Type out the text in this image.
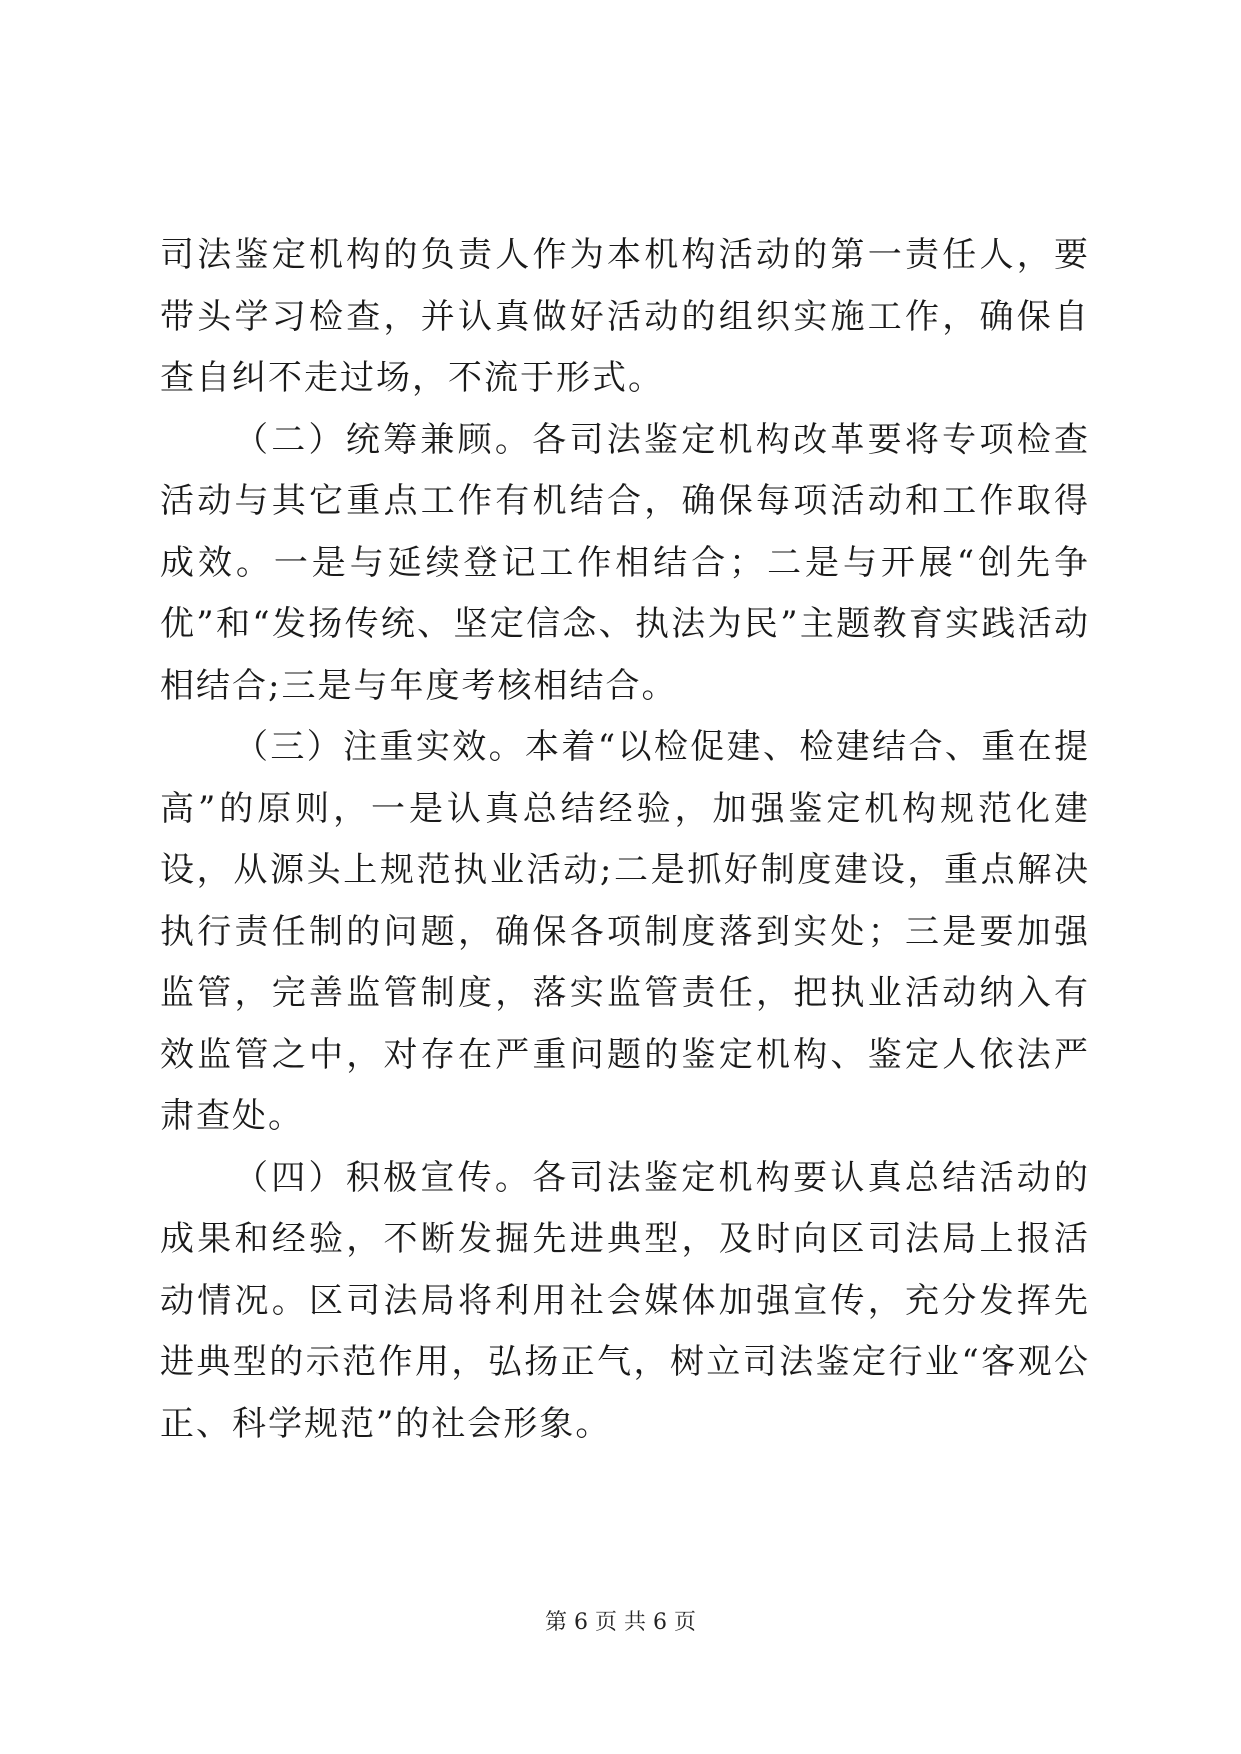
司法鉴定机构的负责人作为本机构活动的第一责任人，要带头学习检查，并认真做好活动的组织实施工作，确保自查自纠不走过场，不流于形式。

（二）统筹兼顾。各司法鉴定机构改革要将专项检查活动与其它重点工作有机结合，确保每项活动和工作取得成效。一是与延续登记工作相结合；二是与开展“创先争优”和“发扬传统、坚定信念、执法为民”主题教育实践活动相结合;三是与年度考核相结合。

（三）注重实效。本着“以检促建、检建结合、重在提高”的原则，一是认真总结经验，加强鉴定机构规范化建设，从源头上规范执业活动;二是抓好制度建设，重点解决执行责任制的问题，确保各项制度落到实处；三是要加强监管，完善监管制度，落实监管责任，把执业活动纳入有效监管之中，对存在严重问题的鉴定机构、鉴定人依法严肃查处。

（四）积极宣传。各司法鉴定机构要认真总结活动的成果和经验，不断发掘先进典型，及时向区司法局上报活动情况。区司法局将利用社会媒体加强宣传，充分发挥先进典型的示范作用，弘扬正气，树立司法鉴定行业“客观公正、科学规范”的社会形象。

第 6 页 共 6 页
